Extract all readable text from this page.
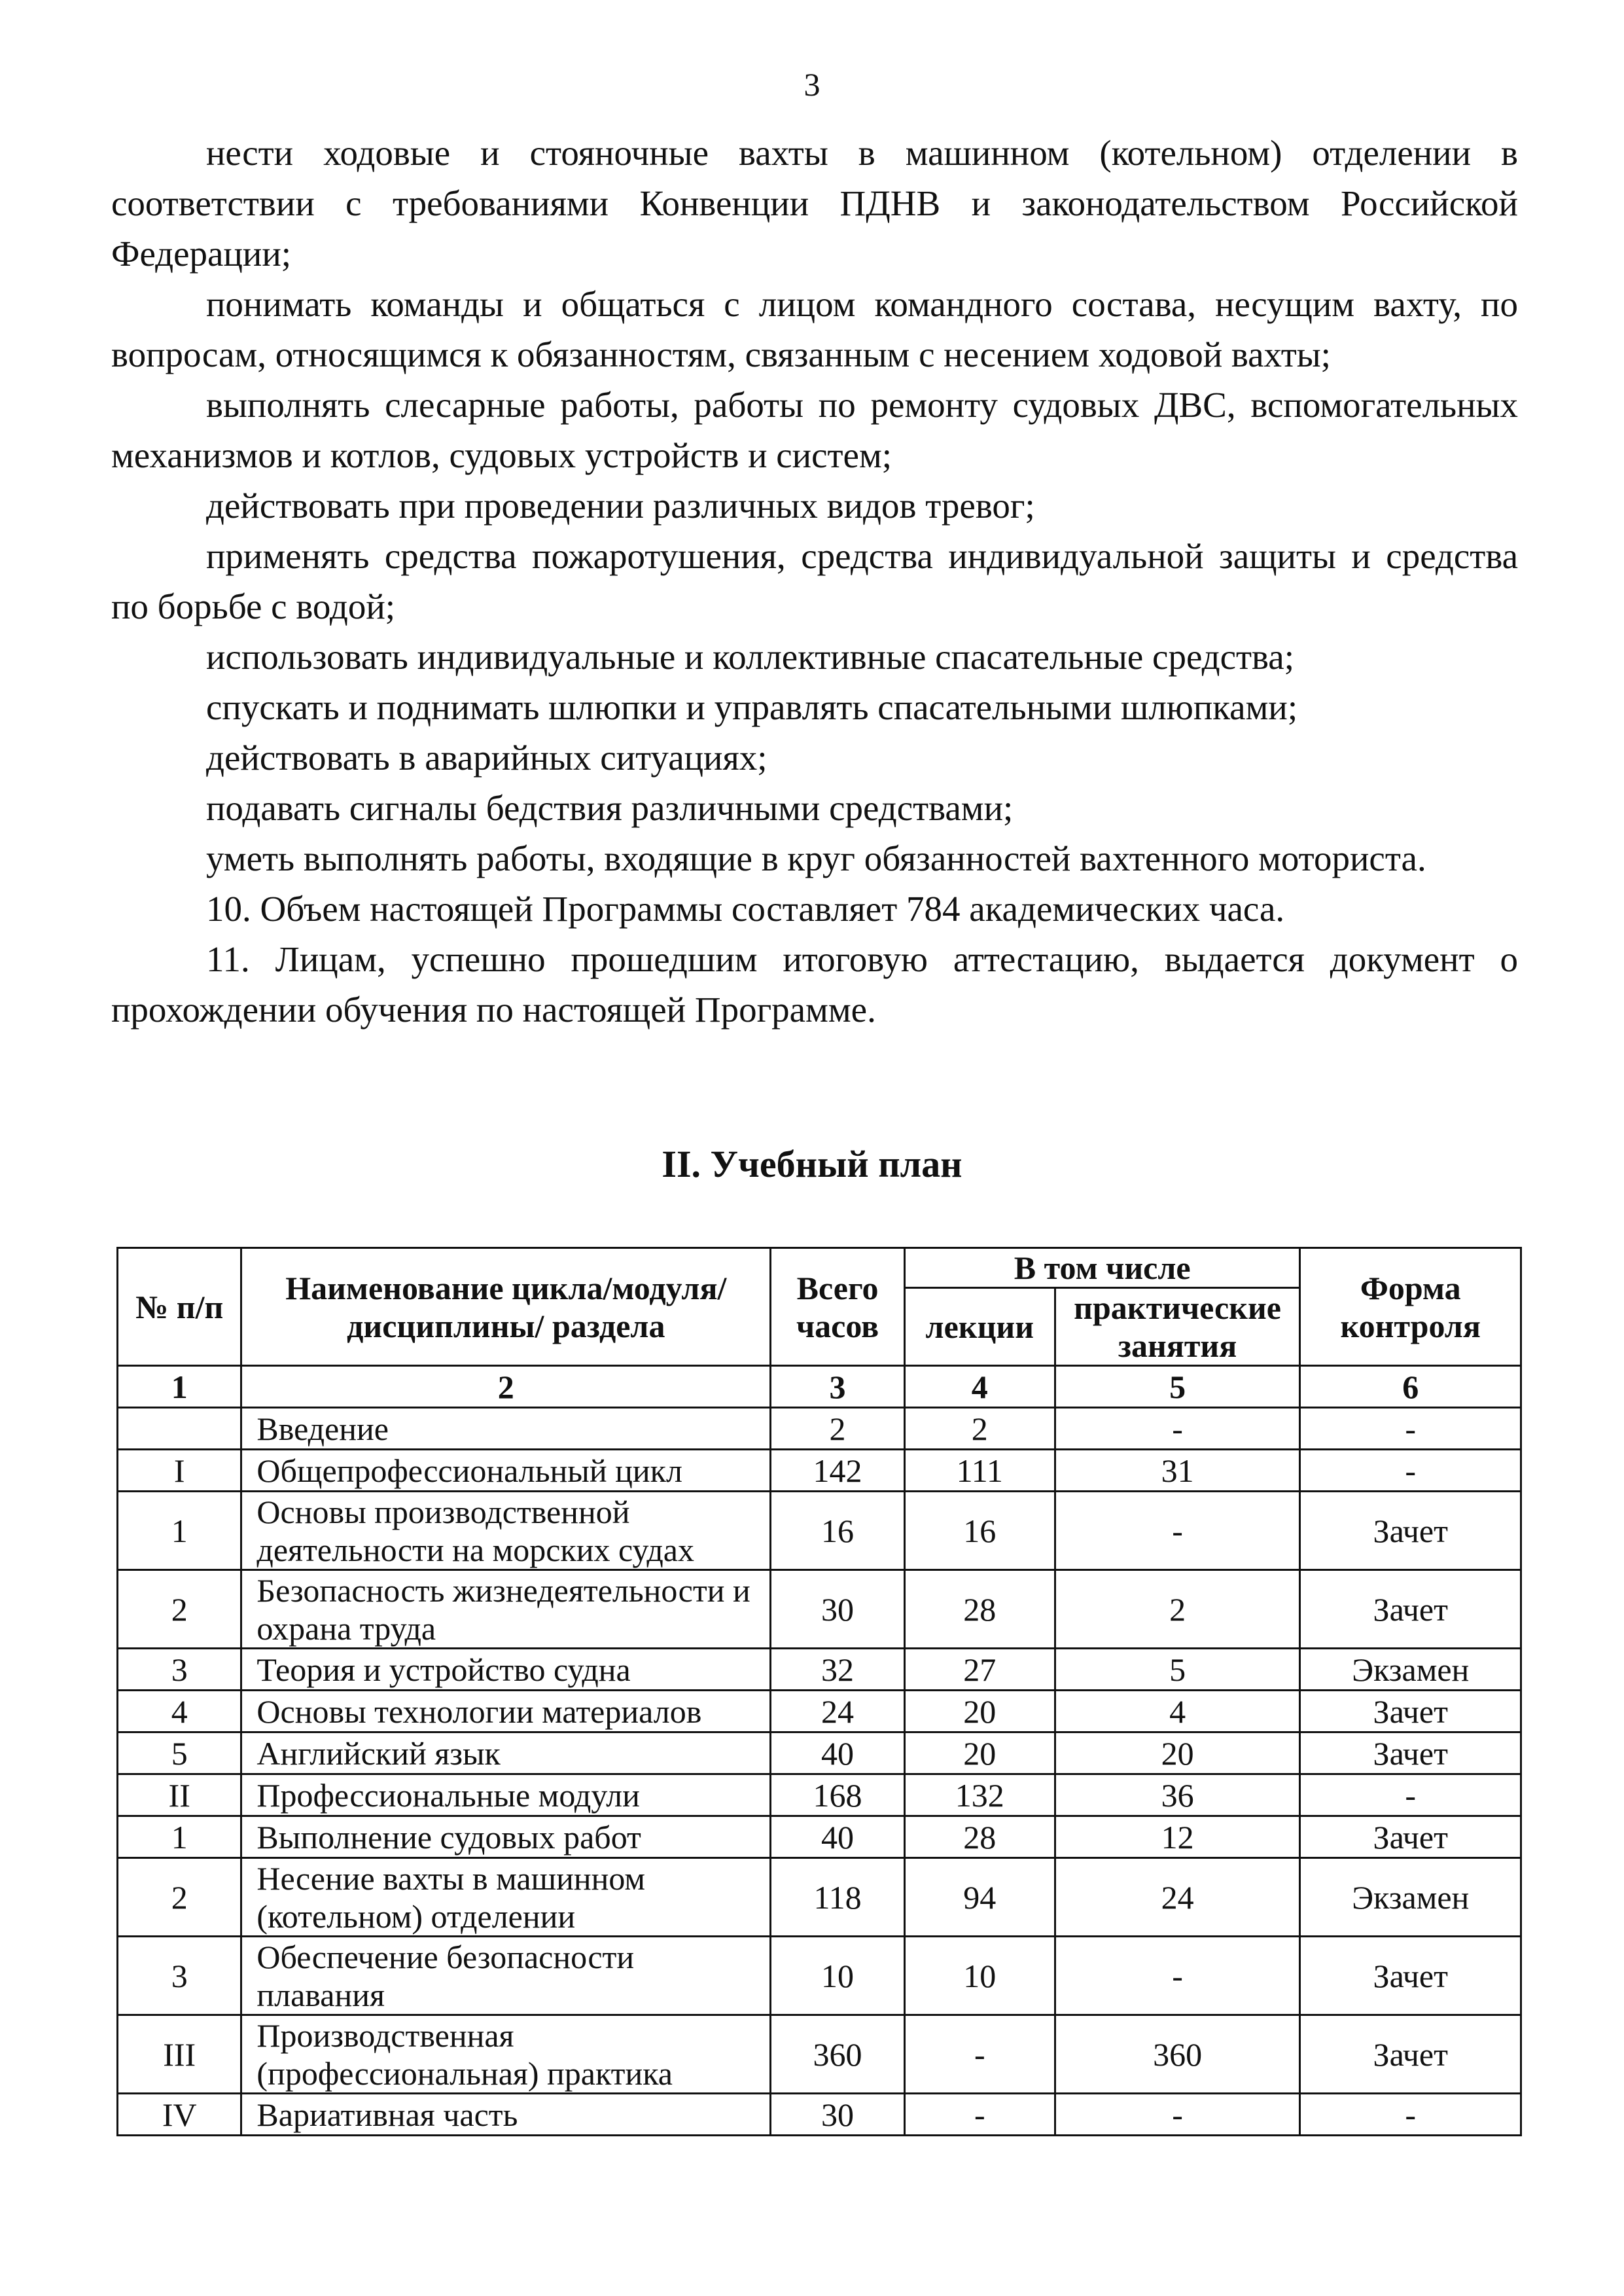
3

нести ходовые и стояночные вахты в машинном (котельном) отделении в соответствии с требованиями Конвенции ПДНВ и законодательством Российской Федерации;

понимать команды и общаться с лицом командного состава, несущим вахту, по вопросам, относящимся к обязанностям, связанным с несением ходовой вахты;

выполнять слесарные работы, работы по ремонту судовых ДВС, вспомогательных механизмов и котлов, судовых устройств и систем;

действовать при проведении различных видов тревог;

применять средства пожаротушения, средства индивидуальной защиты и средства по борьбе с водой;

использовать индивидуальные и коллективные спасательные средства;

спускать и поднимать шлюпки и управлять спасательными шлюпками;

действовать в аварийных ситуациях;

подавать сигналы бедствия различными средствами;

уметь выполнять работы, входящие в круг обязанностей вахтенного моториста.

10. Объем настоящей Программы составляет 784 академических часа.

11. Лицам, успешно прошедшим итоговую аттестацию, выдается документ о прохождении обучения по настоящей Программе.

II. Учебный план
№ п/п	Наименование цикла/модуля/дисциплины/ раздела	Всего часов	В том числе		Форма контроля
			лекции	практические занятия	
1	2	3	4	5	6
	Введение	2	2	-	-
I	Общепрофессиональный цикл	142	111	31	-
1	Основы производственной деятельности на морских судах	16	16	-	Зачет
2	Безопасность жизнедеятельности и охрана труда	30	28	2	Зачет
3	Теория и устройство судна	32	27	5	Экзамен
4	Основы технологии материалов	24	20	4	Зачет
5	Английский язык	40	20	20	Зачет
II	Профессиональные модули	168	132	36	-
1	Выполнение судовых работ	40	28	12	Зачет
2	Несение вахты в машинном (котельном) отделении	118	94	24	Экзамен
3	Обеспечение безопасности плавания	10	10	-	Зачет
III	Производственная (профессиональная) практика	360	-	360	Зачет
IV	Вариативная часть	30	-	-	-
